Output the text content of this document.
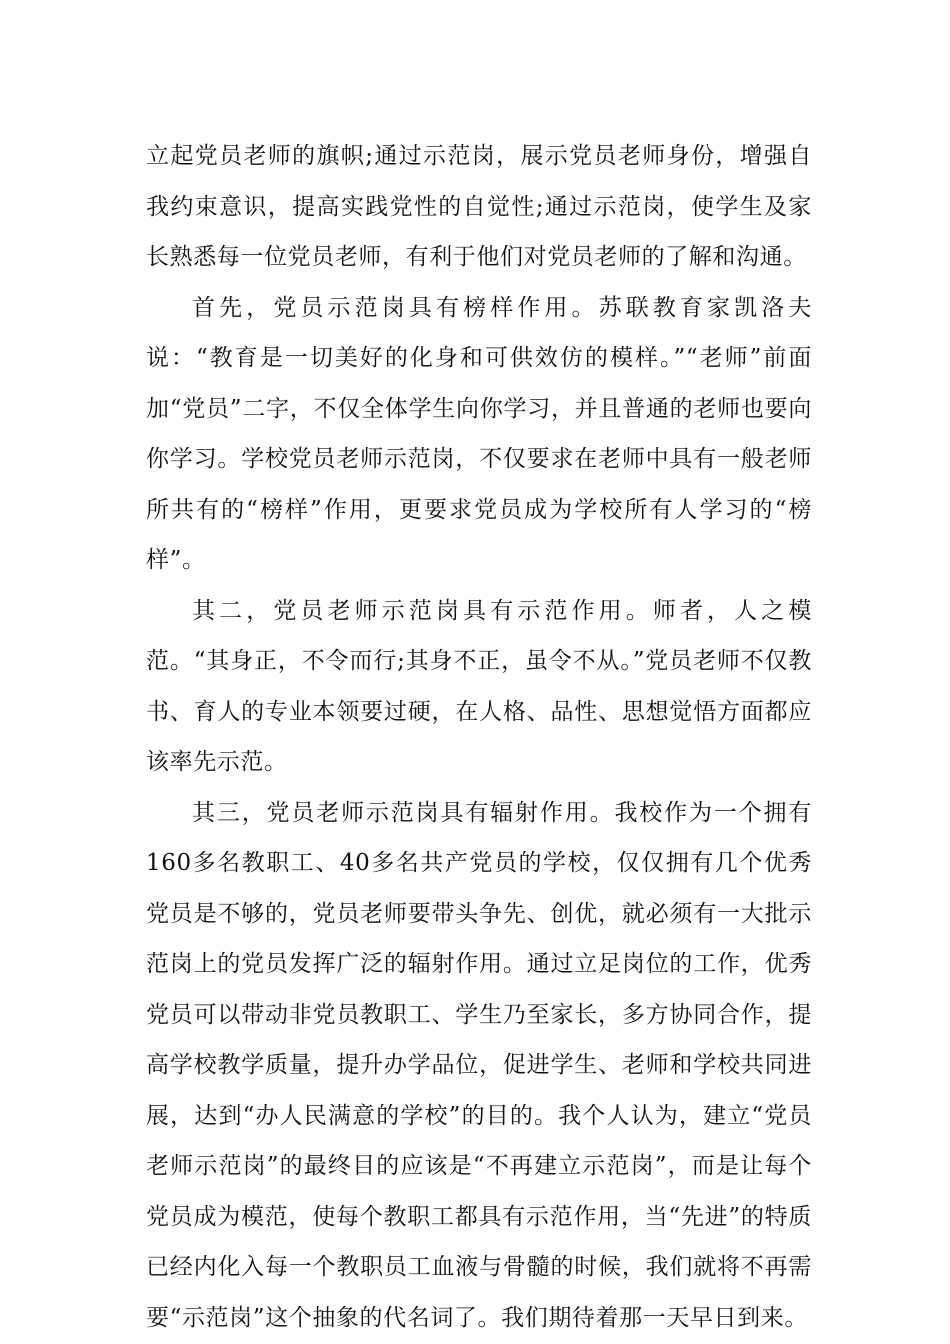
立起党员老师的旗帜;通过示范岗，展示党员老师身份，增强自我约束意识，提高实践党性的自觉性;通过示范岗，使学生及家长熟悉每一位党员老师，有利于他们对党员老师的了解和沟通。

首先，党员示范岗具有榜样作用。苏联教育家凯洛夫说：“教育是一切美好的化身和可供效仿的模样。”“老师”前面加“党员”二字，不仅全体学生向你学习，并且普通的老师也要向你学习。学校党员老师示范岗，不仅要求在老师中具有一般老师所共有的“榜样”作用，更要求党员成为学校所有人学习的“榜样”。

其二，党员老师示范岗具有示范作用。师者，人之模范。“其身正，不令而行;其身不正，虽令不从。”党员老师不仅教书、育人的专业本领要过硬，在人格、品性、思想觉悟方面都应该率先示范。

其三，党员老师示范岗具有辐射作用。我校作为一个拥有160多名教职工、40多名共产党员的学校，仅仅拥有几个优秀党员是不够的，党员老师要带头争先、创优，就必须有一大批示范岗上的党员发挥广泛的辐射作用。通过立足岗位的工作，优秀党员可以带动非党员教职工、学生乃至家长，多方协同合作，提高学校教学质量，提升办学品位，促进学生、老师和学校共同进展，达到“办人民满意的学校”的目的。我个人认为，建立“党员老师示范岗”的最终目的应该是“不再建立示范岗”，而是让每个党员成为模范，使每个教职工都具有示范作用，当“先进”的特质已经内化入每一个教职员工血液与骨髓的时候，我们就将不再需要“示范岗”这个抽象的代名词了。我们期待着那一天早日到来。
